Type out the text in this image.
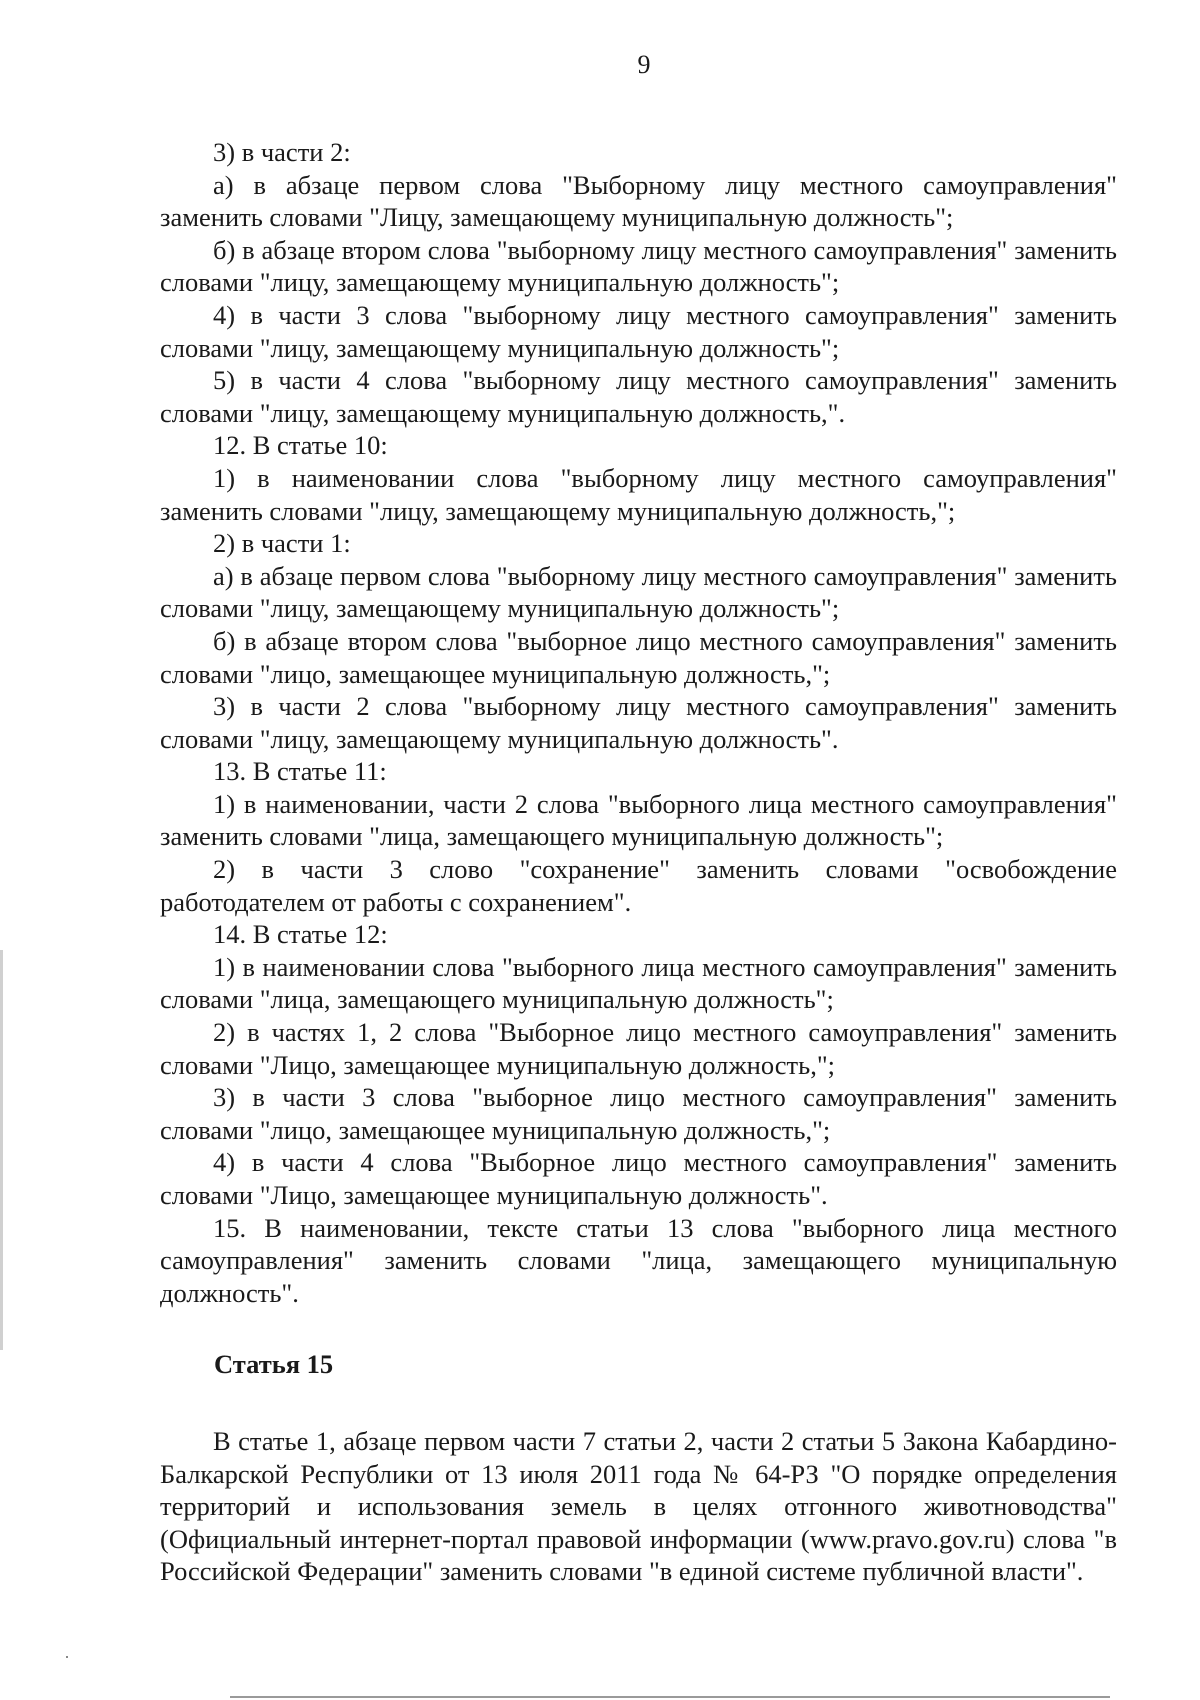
9

3) в части 2:

а) в абзаце первом слова "Выборному лицу местного самоуправления" заменить словами "Лицу, замещающему муниципальную должность";

б) в абзаце втором слова "выборному лицу местного самоуправления" заменить словами "лицу, замещающему муниципальную должность";

4) в части 3 слова "выборному лицу местного самоуправления" заменить словами "лицу, замещающему муниципальную должность";

5) в части 4 слова "выборному лицу местного самоуправления" заменить словами "лицу, замещающему муниципальную должность,".

12. В статье 10:

1) в наименовании слова "выборному лицу местного самоуправления" заменить словами "лицу, замещающему муниципальную должность,";

2) в части 1:

а) в абзаце первом слова "выборному лицу местного самоуправления" заменить словами "лицу, замещающему муниципальную должность";

б) в абзаце втором слова "выборное лицо местного самоуправления" заменить словами "лицо, замещающее муниципальную должность,";

3) в части 2 слова "выборному лицу местного самоуправления" заменить словами "лицу, замещающему муниципальную должность".

13. В статье 11:

1) в наименовании, части 2 слова "выборного лица местного самоуправления" заменить словами "лица, замещающего муниципальную должность";

2) в части 3 слово "сохранение" заменить словами "освобождение работодателем от работы с сохранением".

14. В статье 12:

1) в наименовании слова "выборного лица местного самоуправления" заменить словами "лица, замещающего муниципальную должность";

2) в частях 1, 2 слова "Выборное лицо местного самоуправления" заменить словами "Лицо, замещающее муниципальную должность,";

3) в части 3 слова "выборное лицо местного самоуправления" заменить словами "лицо, замещающее муниципальную должность,";

4) в части 4 слова "Выборное лицо местного самоуправления" заменить словами "Лицо, замещающее муниципальную должность".

15. В наименовании, тексте статьи 13 слова "выборного лица местного самоуправления" заменить словами "лица, замещающего муниципальную должность".

Статья 15

В статье 1, абзаце первом части 7 статьи 2, части 2 статьи 5 Закона Кабардино-Балкарской Республики от 13 июля 2011 года № 64-РЗ "О порядке определения территорий и использования земель в целях отгонного животноводства" (Официальный интернет-портал правовой информации (www.pravo.gov.ru) слова "в Российской Федерации" заменить словами "в единой системе публичной власти".
